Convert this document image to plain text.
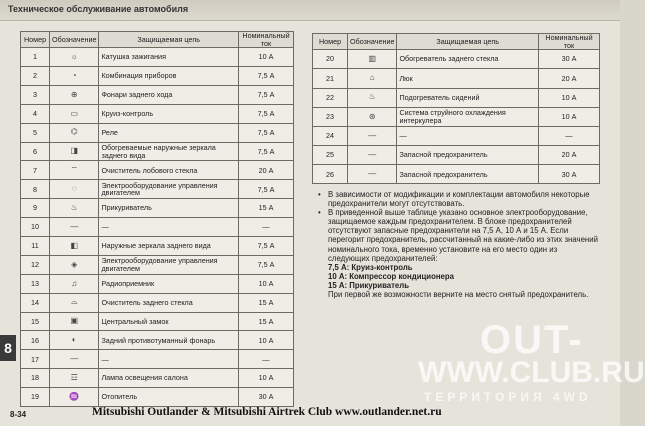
Техническое обслуживание автомобиля
Номер	Обозначение	Защищаемая цепь	Номинальный ток
1	☼	Катушка зажигания	10 А
2	◔	Комбинация приборов	7,5 А
3	⊕	Фонари заднего хода	7,5 А
4	▭	Круиз-контроль	7,5 А
5	⌬	Реле	7,5 А
6	◨	Обогреваемые наружные зеркала заднего вида	7,5 А
7	⌔	Очиститель лобового стекла	20 А
8	◌	Электрооборудование управления двигателем	7,5 А
9	♨	Прикуриватель	15 А
10	—	—	—
11	◧	Наружные зеркала заднего вида	7,5 А
12	◈	Электрооборудование управления двигателем	7,5 А
13	♫	Радиоприемник	10 А
14	⌓	Очиститель заднего стекла	15 А
15	▣	Центральный замок	15 А
16	◐	Задний противотуманный фонарь	10 А
17	—	—	—
18	☲	Лампа освещения салона	10 А
19	♒	Отопитель	30 А
Номер	Обозначение	Защищаемая цепь	Номинальный ток
20	▥	Обогреватель заднего стекла	30 А
21	⌂	Люк	20 А
22	♨	Подогреватель сидений	10 А
23	⊛	Система струйного охлаждения интеркулера	10 А
24	—	—	—
25	—	Запасной предохранитель	20 А
26	—	Запасной предохранитель	30 А
• В зависимости от модификации и комплектации автомобиля некоторые предохранители могут отсутствовать.
• В приведенной выше таблице указано основное электрооборудование, защищаемое каждым предохранителем. В блоке предохранителей отсутствуют запасные предохранители на 7,5 А, 10 А и 15 А. Если перегорит предохранитель, рассчитанный на какие-либо из этих значений номинального тока, временно установите на его место один из следующих предохранителей:
7,5 А: Круиз-контроль
10 А: Компрессор кондиционера
15 А: Прикуриватель
При первой же возможности верните на место снятый предохранитель.
OUT-
WWW.CLUB.RU
ТЕРРИТОРИЯ 4WD
8
8-34	Mitsubishi Outlander & Mitsubishi Airtrek Club www.outlander.net.ru
